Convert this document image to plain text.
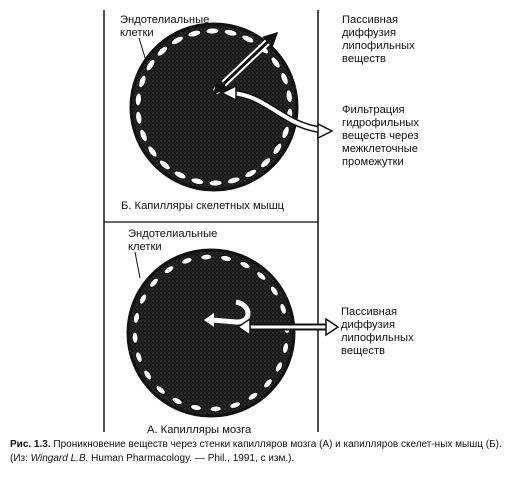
Эндотелиальные
клетки
Пассивная
диффузия
липофильных
веществ
Фильтрация
гидрофильных
веществ через
межклеточные
промежутки
Б. Капилляры скелетных мышц
Эндотелиальные
клетки
Пассивная
диффузия
липофильных
веществ
А. Капилляры мозга
Рис. 1.3. Проникновение веществ через стенки капилляров мозга (А) и капилляров скелет-ных мышц (Б). (Из: Wingard L.B. Human Pharmacology. — Phil., 1991, с изм.).
